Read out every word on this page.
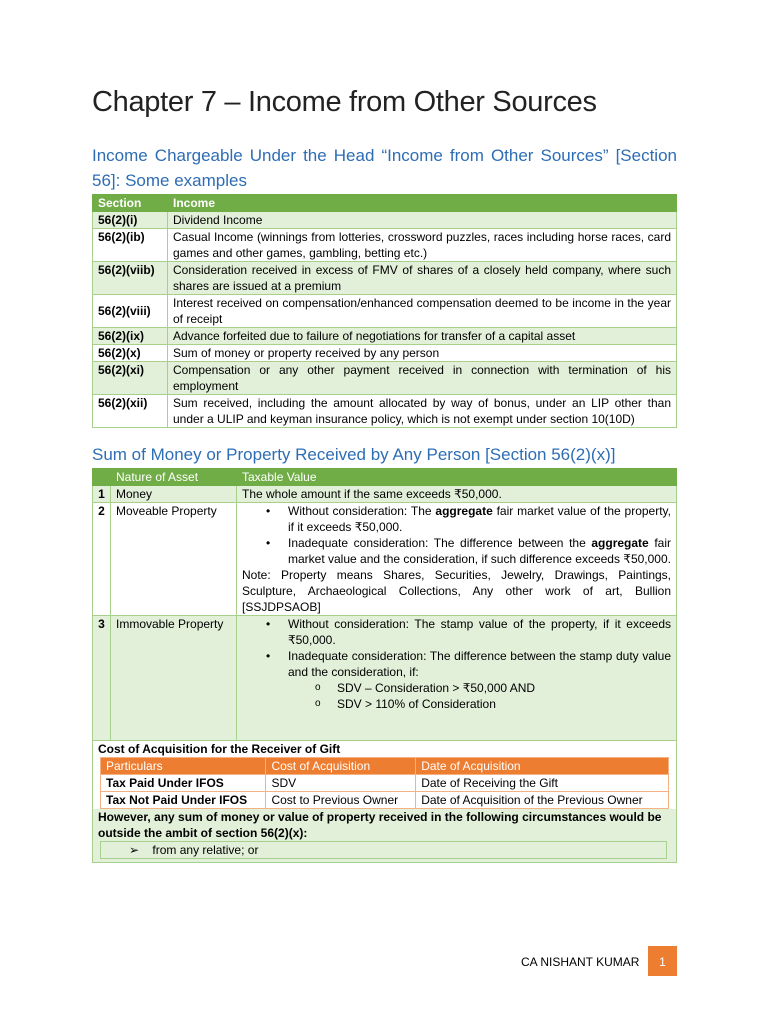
Chapter 7 – Income from Other Sources
Income Chargeable Under the Head “Income from Other Sources” [Section 56]: Some examples
Section	Income
56(2)(i)	Dividend Income
56(2)(ib)	Casual Income (winnings from lotteries, crossword puzzles, races including horse races, card games and other games, gambling, betting etc.)
56(2)(viib)	Consideration received in excess of FMV of shares of a closely held company, where such shares are issued at a premium
56(2)(viii)	Interest received on compensation/enhanced compensation deemed to be income in the year of receipt
56(2)(ix)	Advance forfeited due to failure of negotiations for transfer of a capital asset
56(2)(x)	Sum of money or property received by any person
56(2)(xi)	Compensation or any other payment received in connection with termination of his employment
56(2)(xii)	Sum received, including the amount allocated by way of bonus, under an LIP other than under a ULIP and keyman insurance policy, which is not exempt under section 10(10D)
Sum of Money or Property Received by Any Person [Section 56(2)(x)]
	Nature of Asset	Taxable Value
1	Money	The whole amount if the same exceeds ₹50,000.
2	Moveable Property	• Without consideration: The aggregate fair market value of the property, if it exceeds ₹50,000.
• Inadequate consideration: The difference between the aggregate fair market value and the consideration, if such difference exceeds ₹50,000.
Note: Property means Shares, Securities, Jewelry, Drawings, Paintings, Sculpture, Archaeological Collections, Any other work of art, Bullion [SSJDPSAOB]

3	Immovable Property	• Without consideration: The stamp value of the property, if it exceeds ₹50,000.
• Inadequate consideration: The difference between the stamp duty value and the consideration, if:
o SDV – Consideration > ₹50,000 AND
o SDV > 110% of Consideration

Cost of Acquisition for the Receiver of Gift
Particulars	Cost of Acquisition	Date of Acquisition
Tax Paid Under IFOS	SDV	Date of Receiving the Gift
Tax Not Paid Under IFOS	Cost to Previous Owner	Date of Acquisition of the Previous Owner
However, any sum of money or value of property received in the following circumstances would be outside the ambit of section 56(2)(x):
➢ from any relative; or
CA NISHANT KUMAR	1
